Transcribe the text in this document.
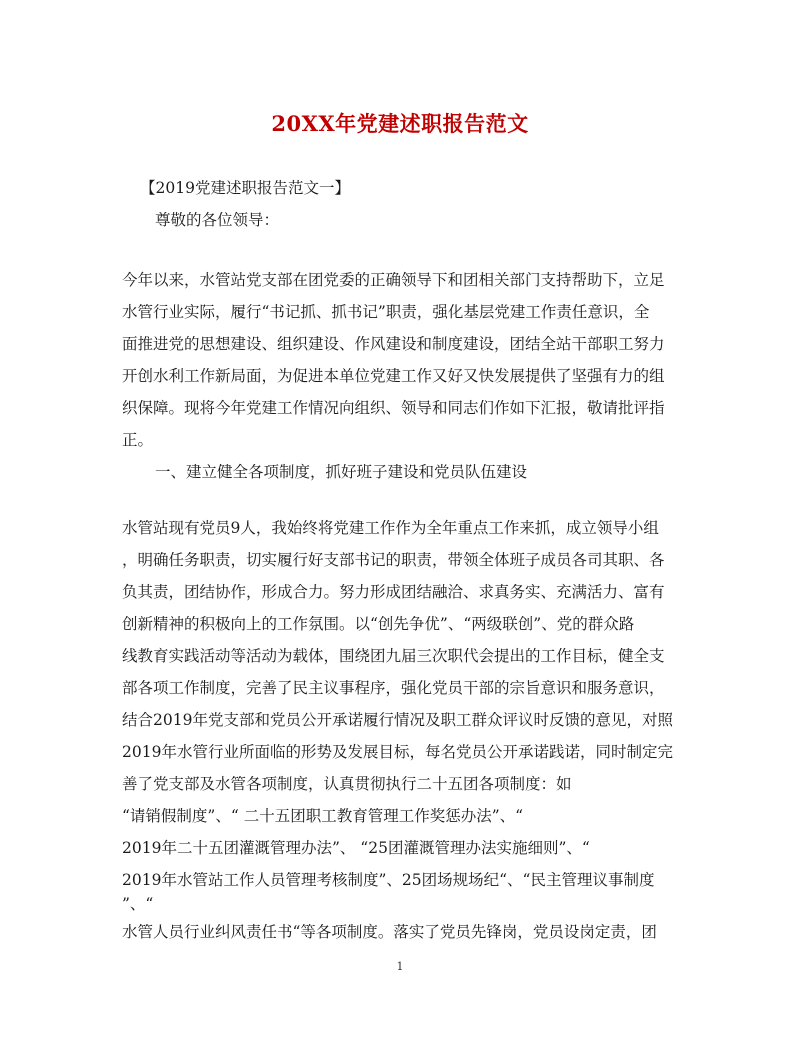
20XX年党建述职报告范文
【2019党建述职报告范文一】
尊敬的各位领导：
今年以来，水管站党支部在团党委的正确领导下和团相关部门支持帮助下，立足
水管行业实际，履行“书记抓、抓书记”职责，强化基层党建工作责任意识，全
面推进党的思想建设、组织建设、作风建设和制度建设，团结全站干部职工努力
开创水利工作新局面，为促进本单位党建工作又好又快发展提供了坚强有力的组
织保障。现将今年党建工作情况向组织、领导和同志们作如下汇报，敬请批评指
正。
一、建立健全各项制度，抓好班子建设和党员队伍建设
水管站现有党员9人，我始终将党建工作作为全年重点工作来抓，成立领导小组
，明确任务职责，切实履行好支部书记的职责，带领全体班子成员各司其职、各
负其责，团结协作，形成合力。努力形成团结融洽、求真务实、充满活力、富有
创新精神的积极向上的工作氛围。以“创先争优”、“两级联创”、党的群众路
线教育实践活动等活动为载体，围绕团九届三次职代会提出的工作目标，健全支
部各项工作制度，完善了民主议事程序，强化党员干部的宗旨意识和服务意识，
结合2019年党支部和党员公开承诺履行情况及职工群众评议时反馈的意见，对照
2019年水管行业所面临的形势及发展目标，每名党员公开承诺践诺，同时制定完
善了党支部及水管各项制度，认真贯彻执行二十五团各项制度：如
“请销假制度”、“ 二十五团职工教育管理工作奖惩办法”、“
2019年二十五团灌溉管理办法”、 “25团灌溉管理办法实施细则”、“
2019年水管站工作人员管理考核制度”、25团场规场纪“、“民主管理议事制度
”、“
水管人员行业纠风责任书“等各项制度。落实了党员先锋岗，党员设岗定责，团
1
